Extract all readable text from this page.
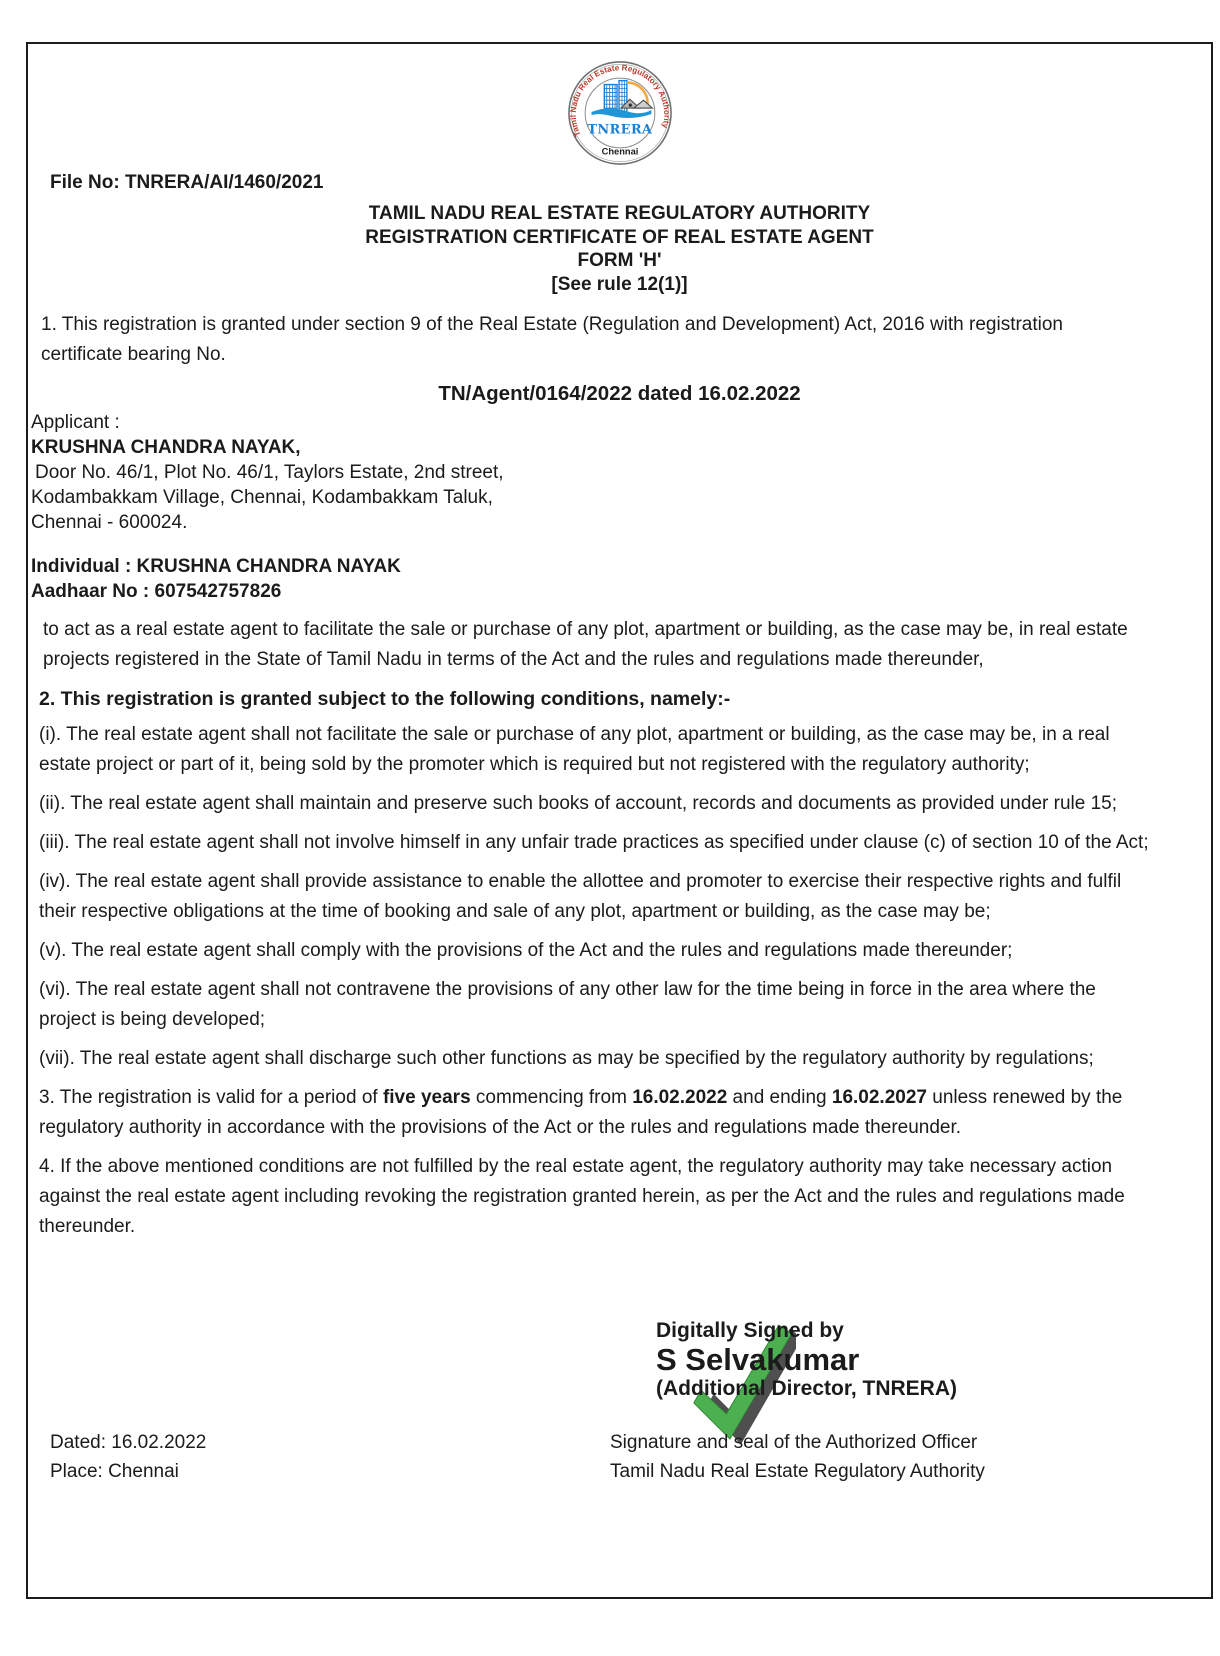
Tamil Nadu Real Estate Regulatory Authority
TNRERA
Chennai
File No: TNRERA/AI/1460/2021
TAMIL NADU REAL ESTATE REGULATORY AUTHORITY
REGISTRATION CERTIFICATE OF REAL ESTATE AGENT
FORM 'H'
[See rule 12(1)]

1. This registration is granted under section 9 of the Real Estate (Regulation and Development) Act, 2016 with registration certificate bearing No.

TN/Agent/0164/2022 dated 16.02.2022
Applicant :
KRUSHNA CHANDRA NAYAK,
Door No. 46/1, Plot No. 46/1, Taylors Estate, 2nd street,
Kodambakkam Village, Chennai, Kodambakkam Taluk,
Chennai - 600024.
Individual : KRUSHNA CHANDRA NAYAK
Aadhaar No : 607542757826

to act as a real estate agent to facilitate the sale or purchase of any plot, apartment or building, as the case may be, in real estate projects registered in the State of Tamil Nadu in terms of the Act and the rules and regulations made thereunder,

2. This registration is granted subject to the following conditions, namely:-

(i). The real estate agent shall not facilitate the sale or purchase of any plot, apartment or building, as the case may be, in a real estate project or part of it, being sold by the promoter which is required but not registered with the regulatory authority;

(ii). The real estate agent shall maintain and preserve such books of account, records and documents as provided under rule 15;

(iii). The real estate agent shall not involve himself in any unfair trade practices as specified under clause (c) of section 10 of the Act;

(iv). The real estate agent shall provide assistance to enable the allottee and promoter to exercise their respective rights and fulfil their respective obligations at the time of booking and sale of any plot, apartment or building, as the case may be;

(v). The real estate agent shall comply with the provisions of the Act and the rules and regulations made thereunder;

(vi). The real estate agent shall not contravene the provisions of any other law for the time being in force in the area where the project is being developed;

(vii). The real estate agent shall discharge such other functions as may be specified by the regulatory authority by regulations;

3. The registration is valid for a period of five years commencing from 16.02.2022 and ending 16.02.2027 unless renewed by the regulatory authority in accordance with the provisions of the Act or the rules and regulations made thereunder.

4. If the above mentioned conditions are not fulfilled by the real estate agent, the regulatory authority may take necessary action against the real estate agent including revoking the registration granted herein, as per the Act and the rules and regulations made thereunder.

Digitally Signed by
S Selvakumar
(Additional Director, TNRERA)
Dated: 16.02.2022
Place: Chennai
Signature and seal of the Authorized Officer
Tamil Nadu Real Estate Regulatory Authority
